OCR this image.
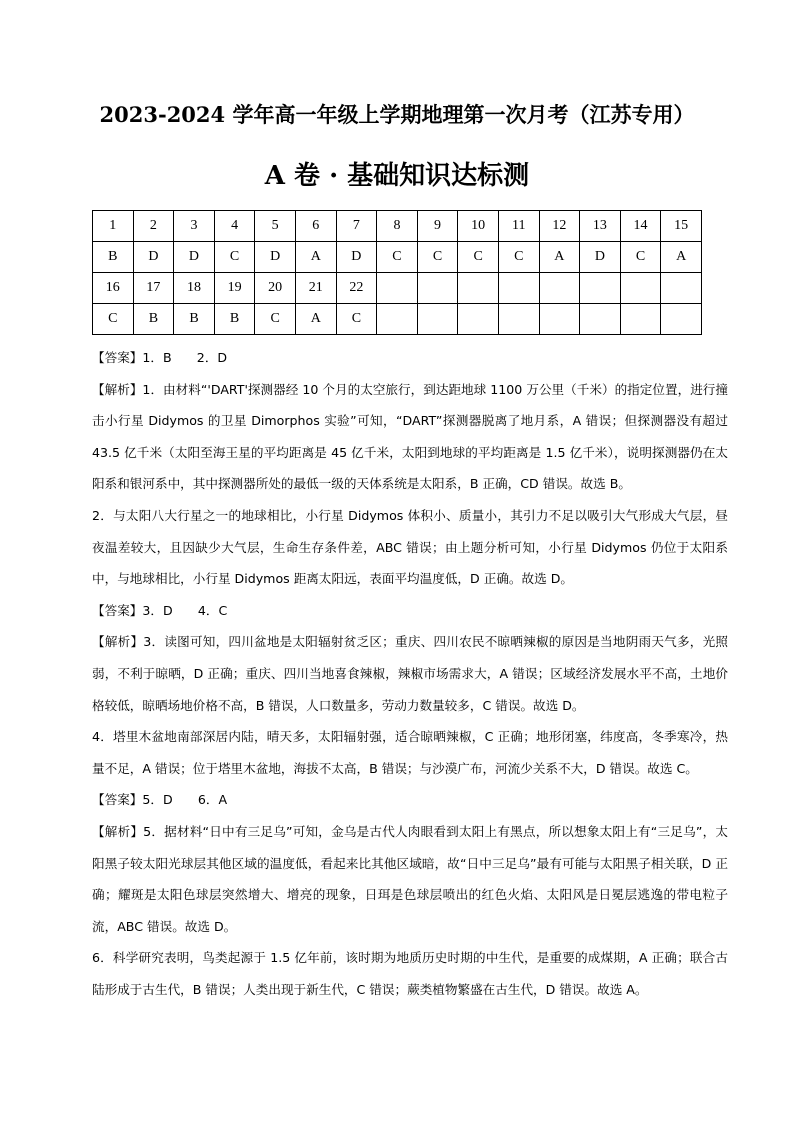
2023-2024 学年高一年级上学期地理第一次月考（江苏专用）
A 卷 · 基础知识达标测
1	2	3	4	5	6	7	8	9	10	11	12	13	14	15
B	D	D	C	D	A	D	C	C	C	C	A	D	C	A
16	17	18	19	20	21	22								
C	B	B	B	C	A	C								

【答案】1．B　　2．D

【解析】1．由材料“'DART'探测器经 10 个月的太空旅行，到达距地球 1100 万公里（千米）的指定位置，进行撞击小行星 Didymos 的卫星 Dimorphos 实验”可知，“DART”探测器脱离了地月系，A 错误；但探测器没有超过 43.5 亿千米（太阳至海王星的平均距离是 45 亿千米，太阳到地球的平均距离是 1.5 亿千米），说明探测器仍在太阳系和银河系中，其中探测器所处的最低一级的天体系统是太阳系，B 正确，CD 错误。故选 B。

2．与太阳八大行星之一的地球相比，小行星 Didymos 体积小、质量小，其引力不足以吸引大气形成大气层，昼夜温差较大，且因缺少大气层，生命生存条件差，ABC 错误；由上题分析可知，小行星 Didymos 仍位于太阳系中，与地球相比，小行星 Didymos 距离太阳远，表面平均温度低，D 正确。故选 D。

【答案】3．D　　4．C

【解析】3．读图可知，四川盆地是太阳辐射贫乏区；重庆、四川农民不晾晒辣椒的原因是当地阴雨天气多，光照弱，不利于晾晒，D 正确；重庆、四川当地喜食辣椒，辣椒市场需求大，A 错误；区域经济发展水平不高，土地价格较低，晾晒场地价格不高，B 错误，人口数量多，劳动力数量较多，C 错误。故选 D。

4．塔里木盆地南部深居内陆，晴天多，太阳辐射强，适合晾晒辣椒，C 正确；地形闭塞，纬度高，冬季寒冷，热量不足，A 错误；位于塔里木盆地，海拔不太高，B 错误；与沙漠广布，河流少关系不大，D 错误。故选 C。

【答案】5．D　　6．A

【解析】5．据材料“日中有三足乌”可知，金乌是古代人肉眼看到太阳上有黑点，所以想象太阳上有“三足乌”，太阳黑子较太阳光球层其他区域的温度低，看起来比其他区域暗，故“日中三足乌”最有可能与太阳黑子相关联，D 正确；耀斑是太阳色球层突然增大、增亮的现象，日珥是色球层喷出的红色火焰、太阳风是日冕层逃逸的带电粒子流，ABC 错误。故选 D。

6．科学研究表明，鸟类起源于 1.5 亿年前，该时期为地质历史时期的中生代，是重要的成煤期，A 正确；联合古陆形成于古生代，B 错误；人类出现于新生代，C 错误；蕨类植物繁盛在古生代，D 错误。故选 A。
